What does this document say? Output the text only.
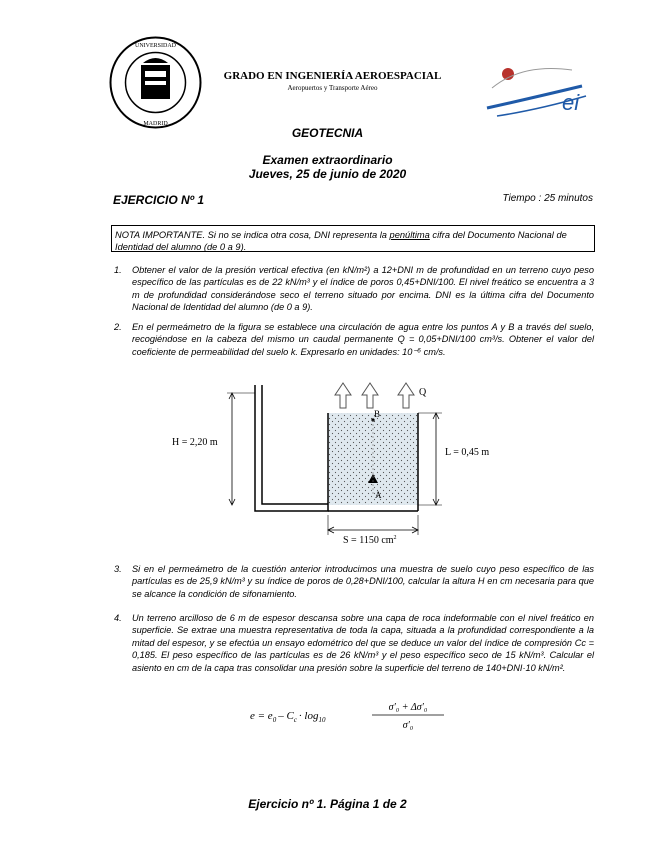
UNIVERSIDAD
MADRID
GRADO EN INGENIERÍA AEROESPACIAL
Aeropuertos y Transporte Aéreo
ei
GEOTECNIA
Examen extraordinario
Jueves, 25 de junio de 2020
EJERCICIO Nº 1	Tiempo : 25 minutos
NOTA IMPORTANTE. Si no se indica otra cosa, DNI representa la penúltima cifra del Documento Nacional de Identidad del alumno (de 0 a 9).
1.	Obtener el valor de la presión vertical efectiva (en kN/m²) a 12+DNI m de profundidad en un terreno cuyo peso específico de las partículas es de 22 kN/m³ y el índice de poros 0,45+DNI/100. El nivel freático se encuentra a 3 m de profundidad considerándose seco el terreno situado por encima. DNI es la última cifra del Documento Nacional de Identidad del alumno (de 0 a 9).
2.	En el permeámetro de la figura se establece una circulación de agua entre los puntos A y B a través del suelo, recogiéndose en la cabeza del mismo un caudal permanente Q = 0,05+DNI/100 cm³/s. Obtener el valor del coeficiente de permeabilidad del suelo k. Expresarlo en unidades: 10⁻⁶ cm/s.
Q
B
A
H = 2,20 m
L = 0,45 m
S = 1150 $cm^2$
3.	Si en el permeámetro de la cuestión anterior introducimos una muestra de suelo cuyo peso específico de las partículas es de 25,9 kN/m³ y su índice de poros de 0,28+DNI/100, calcular la altura H en cm necesaria para que se alcance la condición de sifonamiento.
4.	Un terreno arcilloso de 6 m de espesor descansa sobre una capa de roca indeformable con el nivel freático en superficie. Se extrae una muestra representativa de toda la capa, situada a la profundidad correspondiente a la mitad del espesor, y se efectúa un ensayo edométrico del que se deduce un valor del índice de compresión Cc = 0,185. El peso específico de las partículas es de 26 kN/m³ y el peso específico seco de 15 kN/m³. Calcular el asiento en cm de la capa tras consolidar una presión sobre la superficie del terreno de 140+DNI·10 kN/m².
$e = e_0 - C_c \cdot \log_{10}$
σ′₀ + Δσ′₀
σ′₀
Ejercicio nº 1. Página 1 de 2
